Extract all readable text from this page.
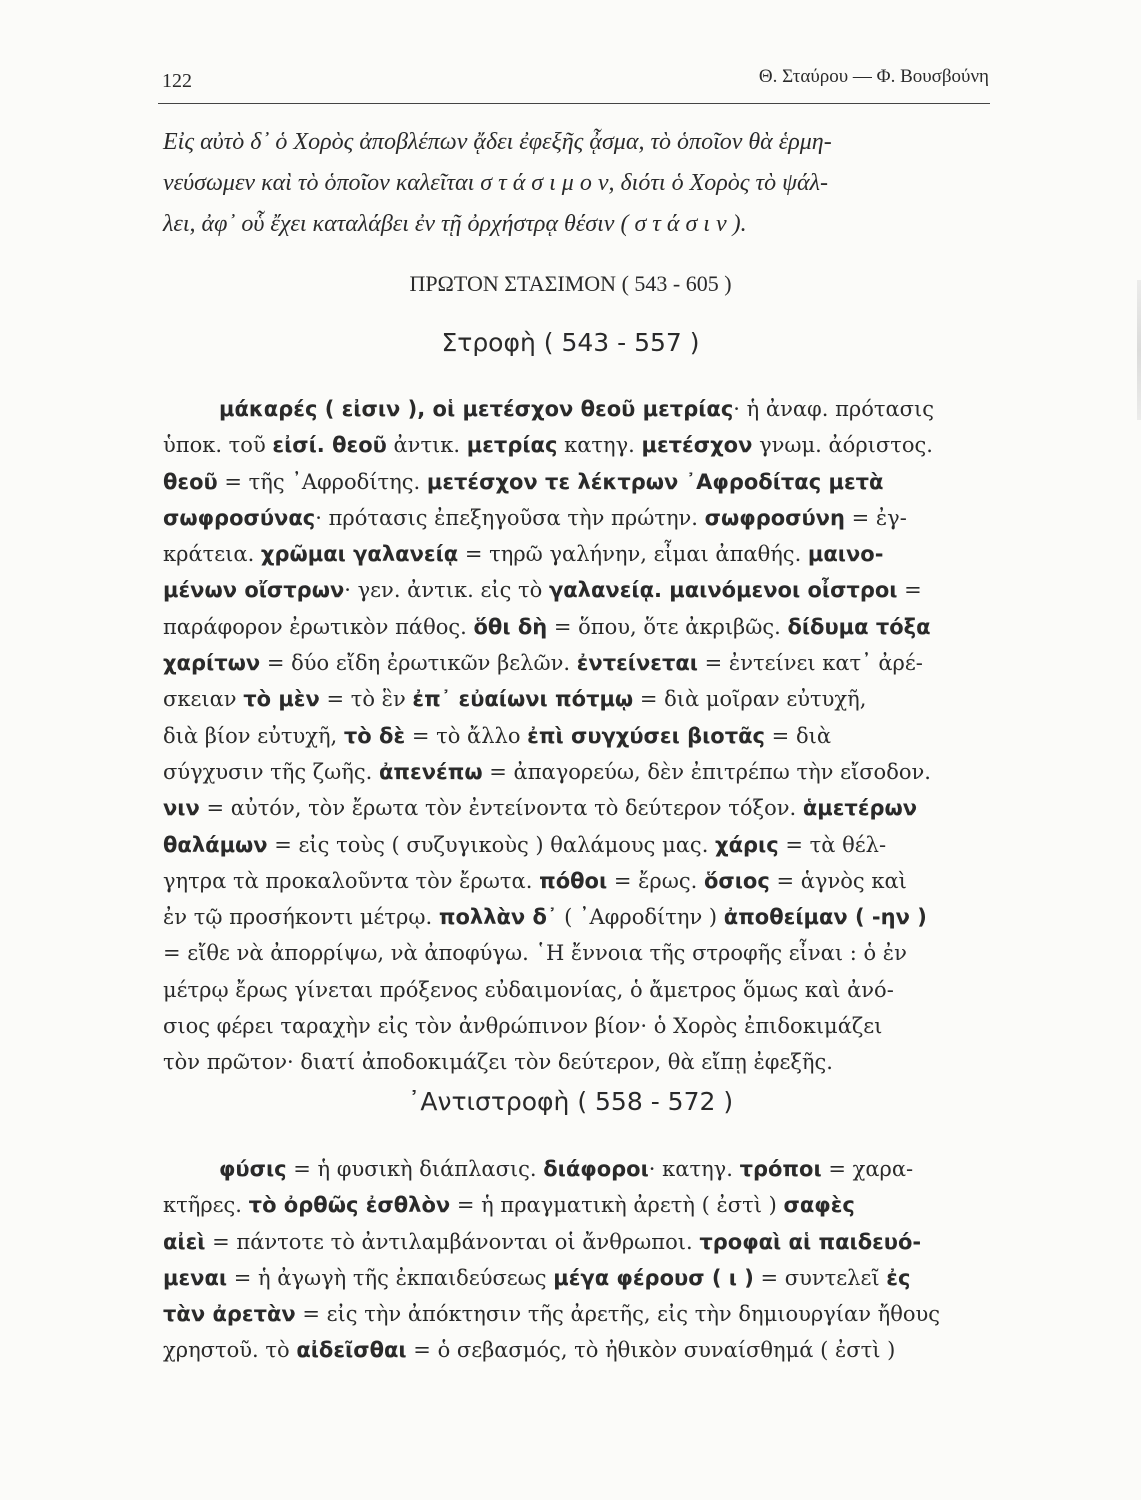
122	Θ. Σταύρου — Φ. Βουσβούνη
Εἰς αὐτὸ δ᾽ ὁ Χορὸς ἀποβλέπων ᾄδει ἐφεξῆς ᾆσμα, τὸ ὁποῖον θὰ ἑρμη-
νεύσωμεν καὶ τὸ ὁποῖον καλεῖται σ τ ά σ ι μ ο ν, διότι ὁ Χορὸς τὸ ψάλ-
λει, ἀφ᾽ οὗ ἔχει καταλάβει ἐν τῇ ὀρχήστρᾳ θέσιν ( σ τ ά σ ι ν ).
ΠΡΩΤΟΝ ΣΤΑΣΙΜΟΝ ( 543 - 605 )
Στροφὴ ( 543 - 557 )
μάκαρές ( εἰσιν ), οἱ μετέσχον θεοῦ μετρίας· ἡ ἀναφ. πρότασις
ὑποκ. τοῦ εἰσί. θεοῦ ἀντικ. μετρίας κατηγ. μετέσχον γνωμ. ἀόριστος.
θεοῦ = τῆς ᾽Αφροδίτης. μετέσχον τε λέκτρων ᾽Αφροδίτας μετὰ
σωφροσύνας· πρότασις ἐπεξηγοῦσα τὴν πρώτην. σωφροσύνη = ἐγ-
κράτεια. χρῶμαι γαλανείᾳ = τηρῶ γαλήνην, εἶμαι ἀπαθής. μαινο-
μένων οἴστρων· γεν. ἀντικ. εἰς τὸ γαλανείᾳ. μαινόμενοι οἶστροι =
παράφορον ἐρωτικὸν πάθος. ὅθι δὴ = ὅπου, ὅτε ἀκριβῶς. δίδυμα τόξα
χαρίτων = δύο εἴδη ἐρωτικῶν βελῶν. ἐντείνεται = ἐντείνει κατ᾽ ἀρέ-
σκειαν τὸ μὲν = τὸ ἓν ἐπ᾽ εὐαίωνι πότμῳ = διὰ μοῖραν εὐτυχῆ,
διὰ βίον εὐτυχῆ, τὸ δὲ = τὸ ἄλλο ἐπὶ συγχύσει βιοτᾶς = διὰ
σύγχυσιν τῆς ζωῆς. ἀπενέπω = ἀπαγορεύω, δὲν ἐπιτρέπω τὴν εἴσοδον.
νιν = αὐτόν, τὸν ἔρωτα τὸν ἐντείνοντα τὸ δεύτερον τόξον. ἁμετέρων
θαλάμων = εἰς τοὺς ( συζυγικοὺς ) θαλάμους μας. χάρις = τὰ θέλ-
γητρα τὰ προκαλοῦντα τὸν ἔρωτα. πόθοι = ἔρως. ὅσιος = ἁγνὸς καὶ
ἐν τῷ προσήκοντι μέτρῳ. πολλὰν δ᾽ ( ᾽Αφροδίτην ) ἀποθείμαν ( -ην )
= εἴθε νὰ ἀπορρίψω, νὰ ἀποφύγω. ῾Η ἔννοια τῆς στροφῆς εἶναι : ὁ ἐν
μέτρῳ ἔρως γίνεται πρόξενος εὐδαιμονίας, ὁ ἄμετρος ὅμως καὶ ἀνό-
σιος φέρει ταραχὴν εἰς τὸν ἀνθρώπινον βίον· ὁ Χορὸς ἐπιδοκιμάζει
τὸν πρῶτον· διατί ἀποδοκιμάζει τὸν δεύτερον, θὰ εἴπῃ ἐφεξῆς.
᾽Αντιστροφὴ ( 558 - 572 )
φύσις = ἡ φυσικὴ διάπλασις. διάφοροι· κατηγ. τρόποι = χαρα-
κτῆρες. τὸ ὀρθῶς ἐσθλὸν = ἡ πραγματικὴ ἀρετὴ ( ἐστὶ ) σαφὲς
αἰεὶ = πάντοτε τὸ ἀντιλαμβάνονται οἱ ἄνθρωποι. τροφαὶ αἱ παιδευό-
μεναι = ἡ ἀγωγὴ τῆς ἐκπαιδεύσεως μέγα φέρουσ ( ι ) = συντελεῖ ἐς
τὰν ἀρετὰν = εἰς τὴν ἀπόκτησιν τῆς ἀρετῆς, εἰς τὴν δημιουργίαν ἤθους
χρηστοῦ. τὸ αἰδεῖσθαι = ὁ σεβασμός, τὸ ἠθικὸν συναίσθημά ( ἐστὶ )
